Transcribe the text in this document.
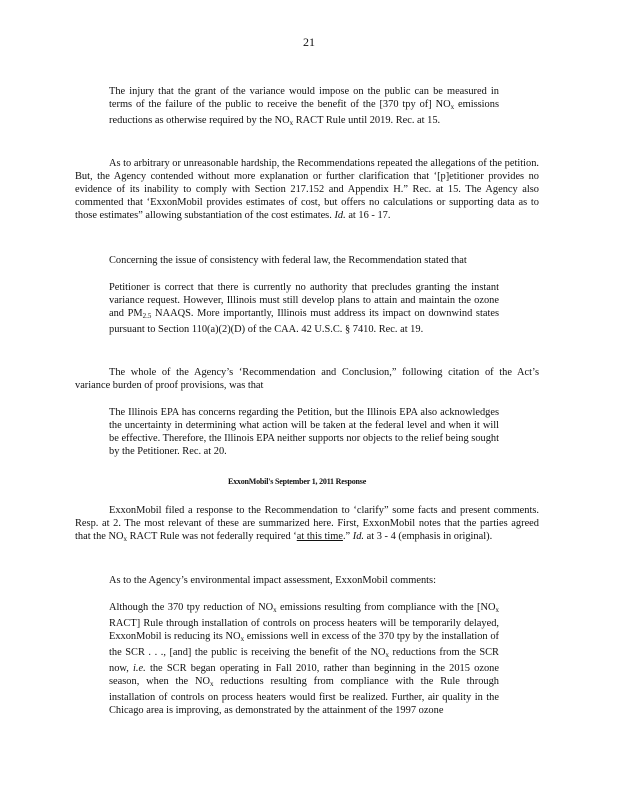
21

The injury that the grant of the variance would impose on the public can be measured in terms of the failure of the public to receive the benefit of the [370 tpy of] $NO_x$ emissions reductions as otherwise required by the $NO_x$ RACT Rule until 2019. Rec. at 15.

As to arbitrary or unreasonable hardship, the Recommendations repeated the allegations of the petition. But, the Agency contended without more explanation or further clarification that ‘[p]etitioner provides no evidence of its inability to comply with Section 217.152 and Appendix H.” Rec. at 15. The Agency also commented that ‘ExxonMobil provides estimates of cost, but offers no calculations or supporting data as to those estimates” allowing substantiation of the cost estimates. Id. at 16 - 17.

Concerning the issue of consistency with federal law, the Recommendation stated that

Petitioner is correct that there is currently no authority that precludes granting the instant variance request. However, Illinois must still develop plans to attain and maintain the ozone and $PM_{2.5}$ NAAQS. More importantly, Illinois must address its impact on downwind states pursuant to Section 110(a)(2)(D) of the CAA. 42 U.S.C. § 7410. Rec. at 19.

The whole of the Agency’s ‘Recommendation and Conclusion,” following citation of the Act’s variance burden of proof provisions, was that

The Illinois EPA has concerns regarding the Petition, but the Illinois EPA also acknowledges the uncertainty in determining what action will be taken at the federal level and when it will be effective. Therefore, the Illinois EPA neither supports nor objects to the relief being sought by the Petitioner. Rec. at 20.

ExxonMobil's September 1, 2011 Response

ExxonMobil filed a response to the Recommendation to ‘clarify” some facts and present comments. Resp. at 2. The most relevant of these are summarized here. First, ExxonMobil notes that the parties agreed that the $NO_x$ RACT Rule was not federally required ‘at this time.” Id. at 3 - 4 (emphasis in original).

As to the Agency’s environmental impact assessment, ExxonMobil comments:

Although the 370 tpy reduction of $NO_x$ emissions resulting from compliance with the [$NO_x$ RACT] Rule through installation of controls on process heaters will be temporarily delayed, ExxonMobil is reducing its $NO_x$ emissions well in excess of the 370 tpy by the installation of the SCR . . ., [and] the public is receiving the benefit of the $NO_x$ reductions from the SCR now, i.e. the SCR began operating in Fall 2010, rather than beginning in the 2015 ozone season, when the $NO_x$ reductions resulting from compliance with the Rule through installation of controls on process heaters would first be realized. Further, air quality in the Chicago area is improving, as demonstrated by the attainment of the 1997 ozone
